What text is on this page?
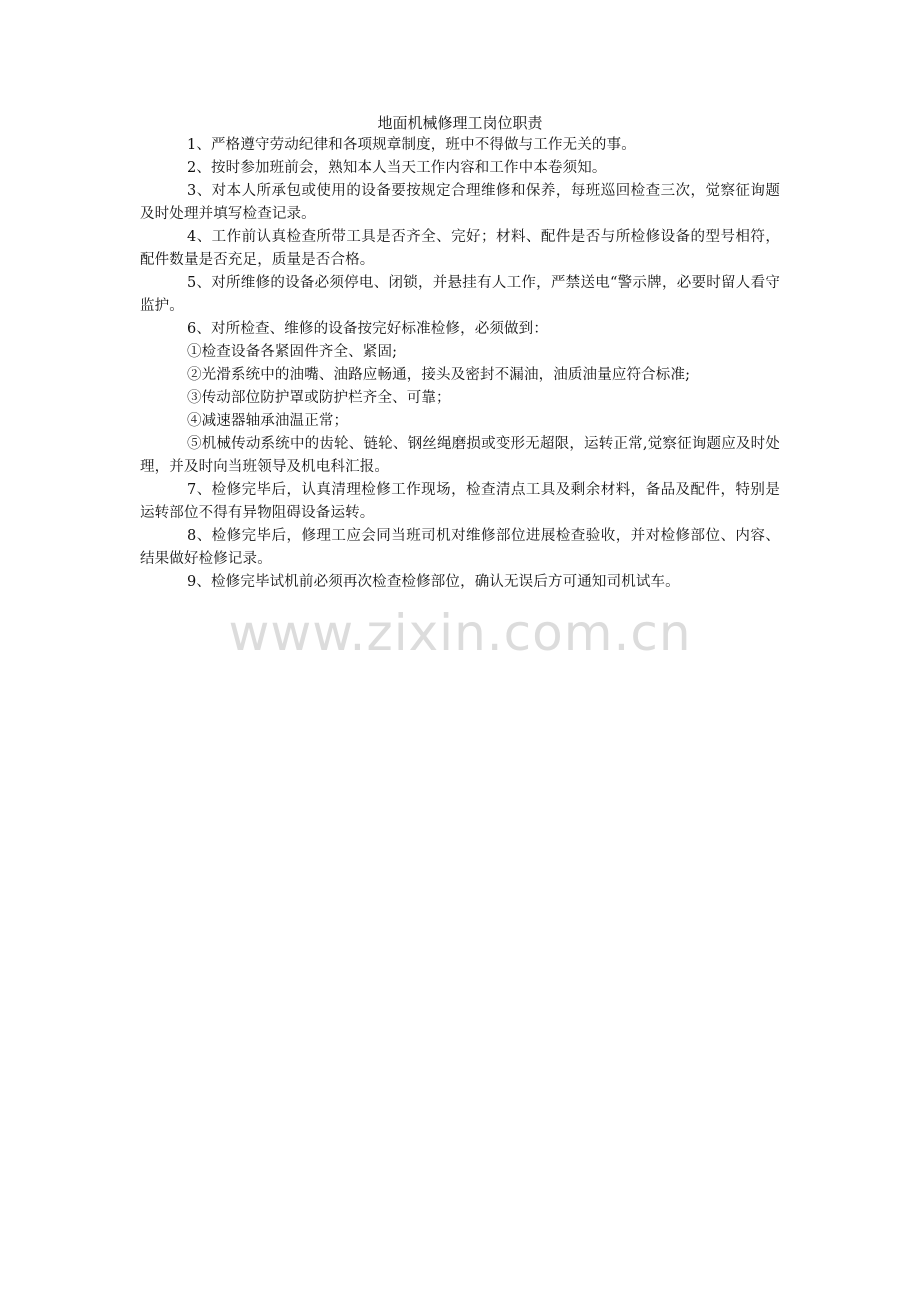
地面机械修理工岗位职责

1、严格遵守劳动纪律和各项规章制度，班中不得做与工作无关的事。

2、按时参加班前会，熟知本人当天工作内容和工作中本卷须知。

3、对本人所承包或使用的设备要按规定合理维修和保养，每班巡回检查三次，觉察征询题及时处理并填写检查记录。

4、工作前认真检查所带工具是否齐全、完好；材料、配件是否与所检修设备的型号相符，配件数量是否充足，质量是否合格。

5、对所维修的设备必须停电、闭锁，并悬挂有人工作，严禁送电“警示牌，必要时留人看守监护。

6、对所检查、维修的设备按完好标准检修，必须做到：

①检查设备各紧固件齐全、紧固;

②光滑系统中的油嘴、油路应畅通，接头及密封不漏油，油质油量应符合标准;

③传动部位防护罩或防护栏齐全、可靠；

④减速器轴承油温正常；

⑤机械传动系统中的齿轮、链轮、钢丝绳磨损或变形无超限，运转正常,觉察征询题应及时处理，并及时向当班领导及机电科汇报。

7、检修完毕后，认真清理检修工作现场，检查清点工具及剩余材料，备品及配件，特别是运转部位不得有异物阻碍设备运转。

8、检修完毕后，修理工应会同当班司机对维修部位进展检查验收，并对检修部位、内容、结果做好检修记录。

9、检修完毕试机前必须再次检查检修部位，确认无误后方可通知司机试车。

www.zixin.com.cn
